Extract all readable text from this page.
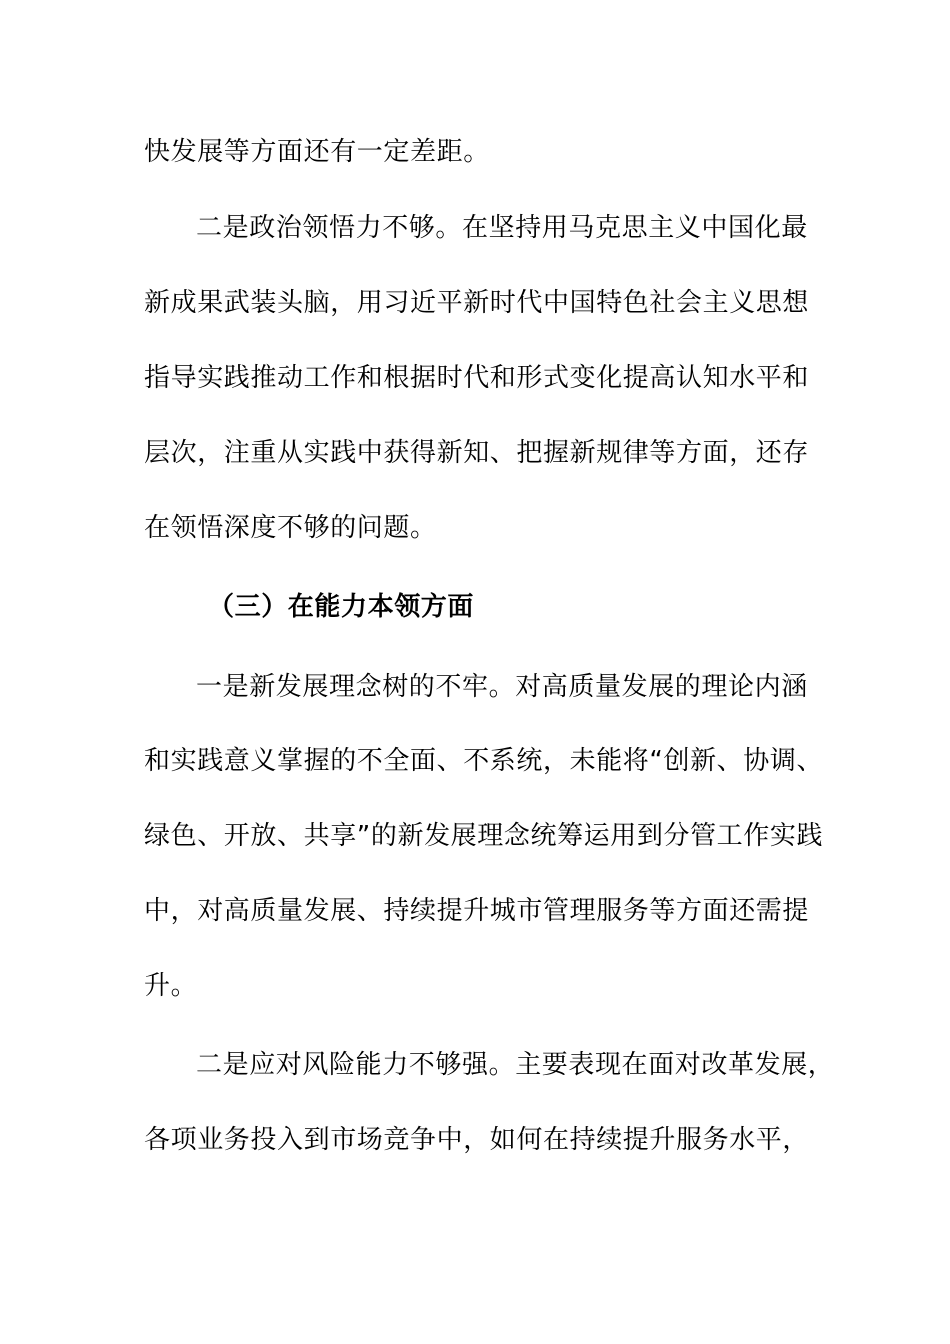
快发展等方面还有一定差距。
二是政治领悟力不够。在坚持用马克思主义中国化最
新成果武装头脑，用习近平新时代中国特色社会主义思想
指导实践推动工作和根据时代和形式变化提高认知水平和
层次，注重从实践中获得新知、把握新规律等方面，还存
在领悟深度不够的问题。
（三）在能力本领方面
一是新发展理念树的不牢。对高质量发展的理论内涵
和实践意义掌握的不全面、不系统，未能将“创新、协调、
绿色、开放、共享”的新发展理念统筹运用到分管工作实践
中，对高质量发展、持续提升城市管理服务等方面还需提
升。
二是应对风险能力不够强。主要表现在面对改革发展，
各项业务投入到市场竞争中，如何在持续提升服务水平，
